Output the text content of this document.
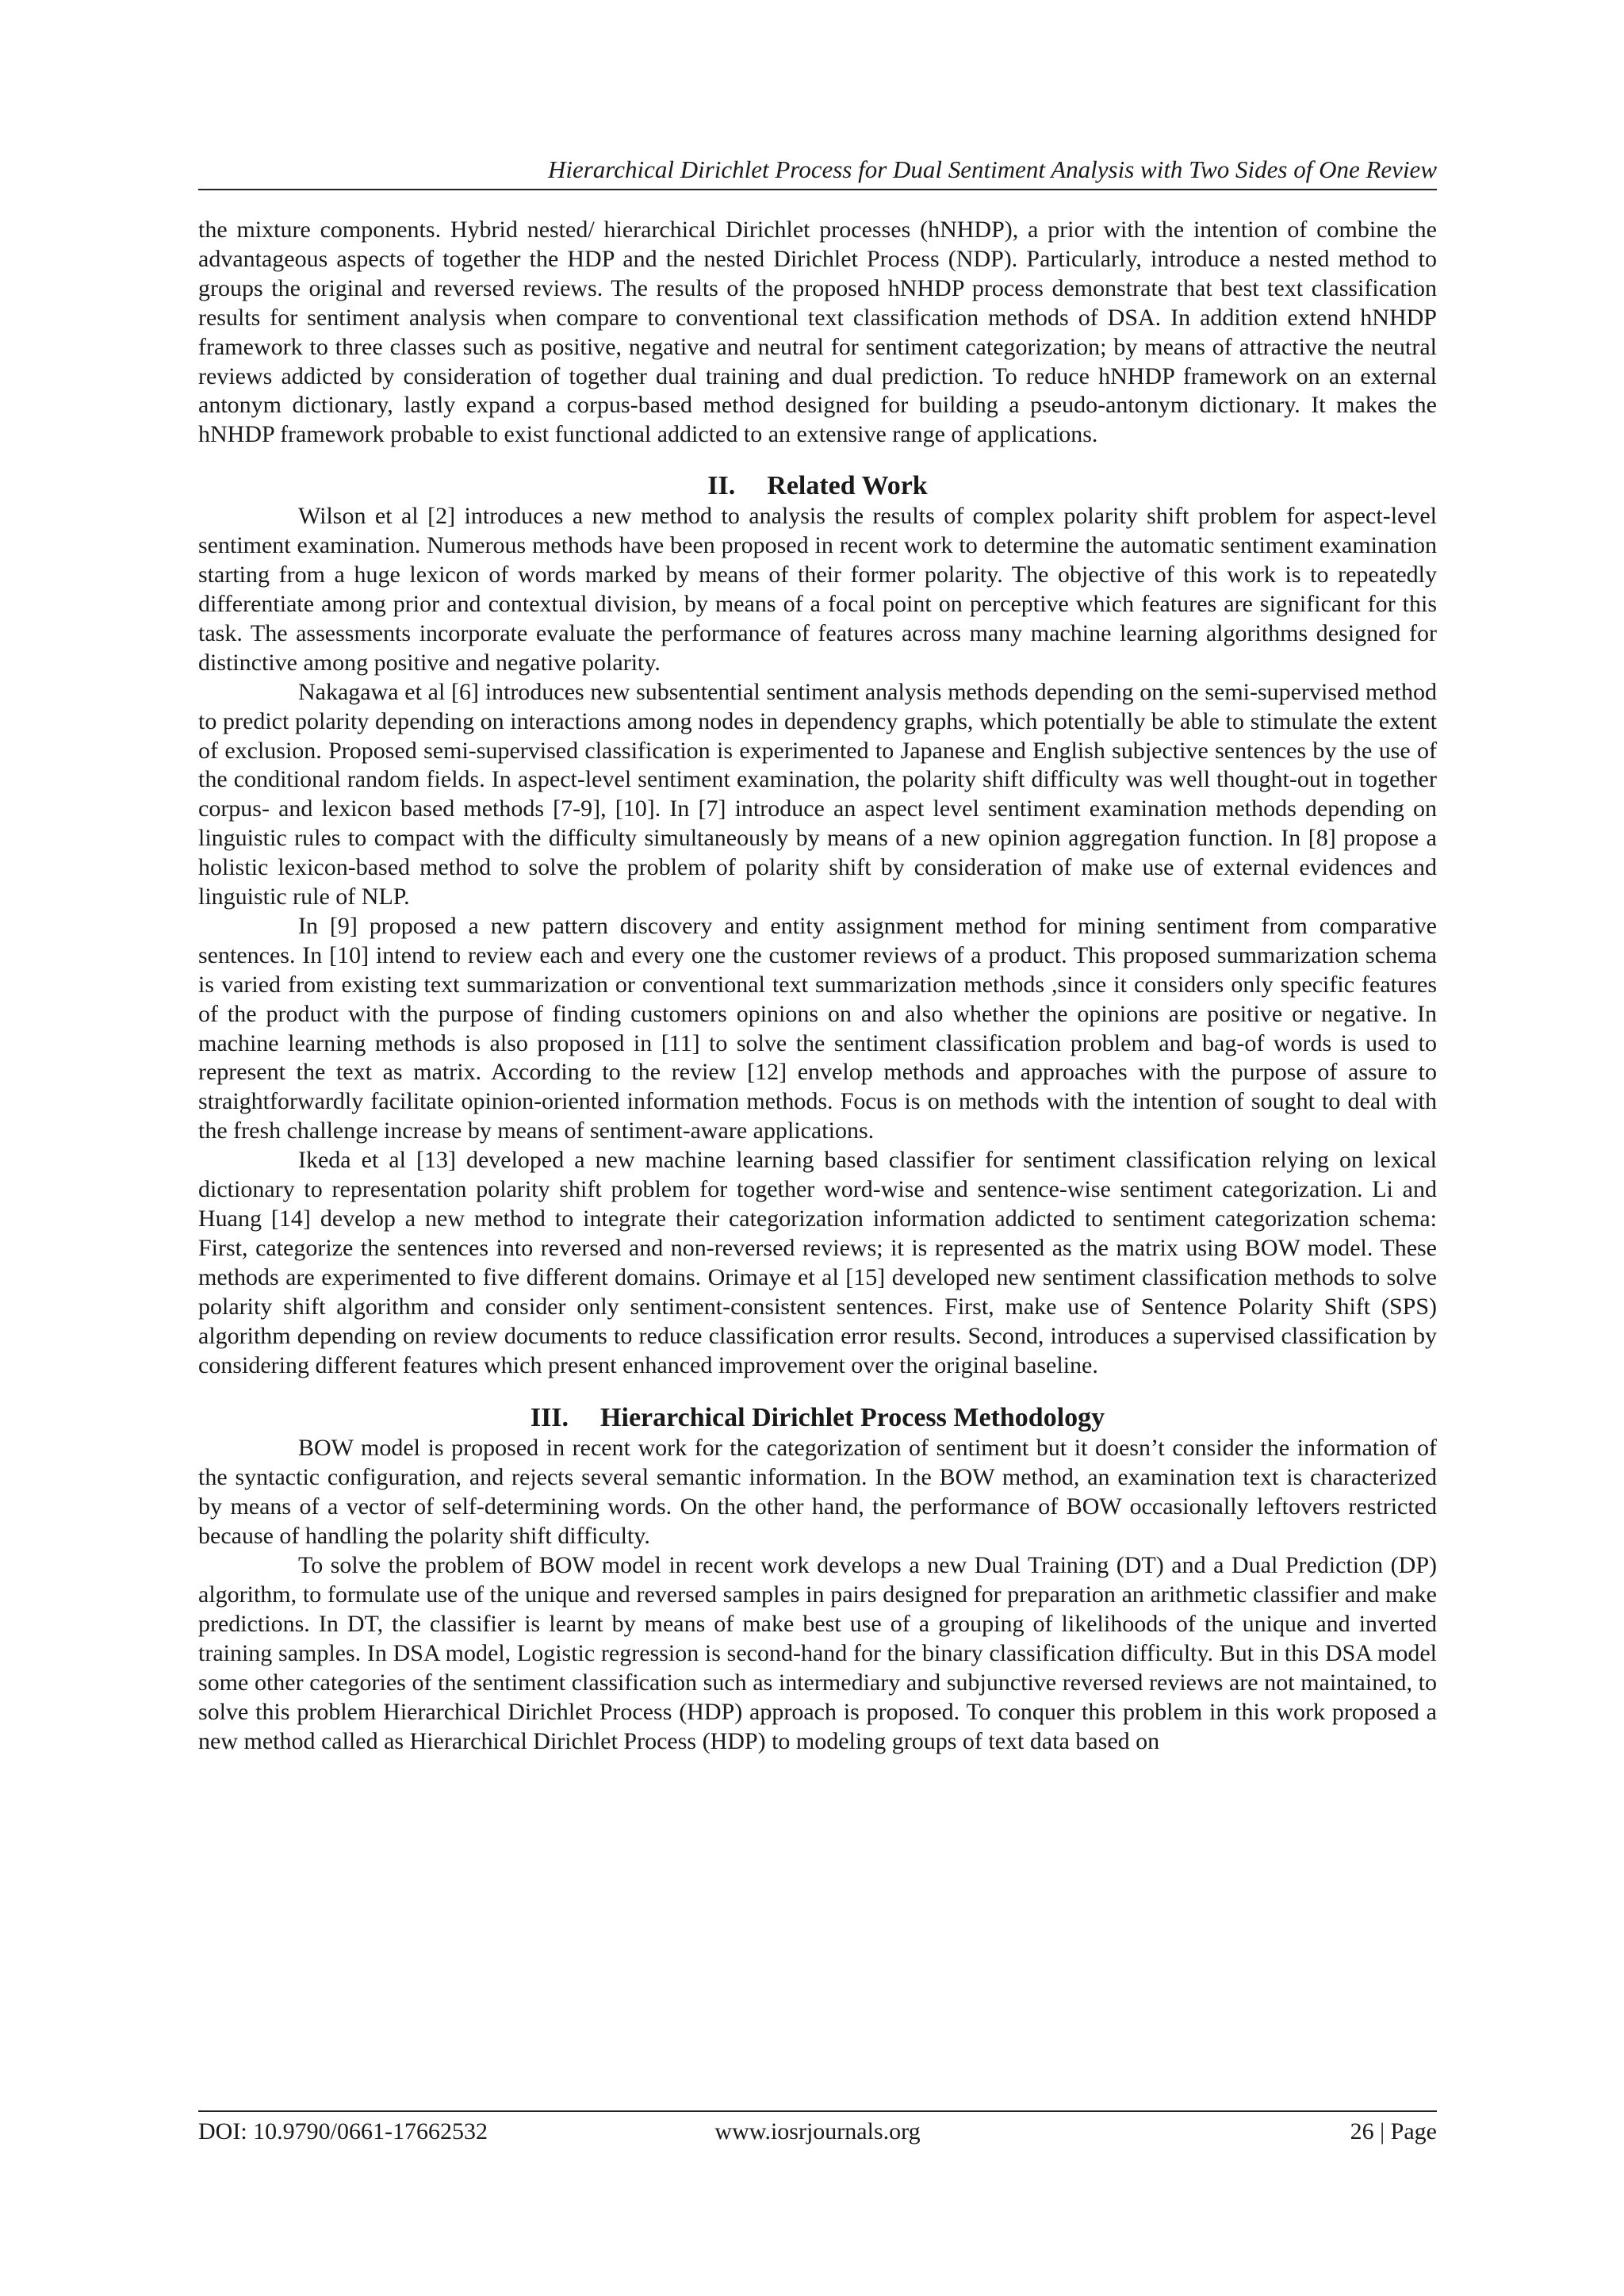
Hierarchical Dirichlet Process for Dual Sentiment Analysis with Two Sides of One Review

the mixture components. Hybrid nested/ hierarchical Dirichlet processes (hNHDP), a prior with the intention of combine the advantageous aspects of together the HDP and the nested Dirichlet Process (NDP). Particularly, introduce a nested method to groups the original and reversed reviews. The results of the proposed hNHDP process demonstrate that best text classification results for sentiment analysis when compare to conventional text classification methods of DSA. In addition extend hNHDP framework to three classes such as positive, negative and neutral for sentiment categorization; by means of attractive the neutral reviews addicted by consideration of together dual training and dual prediction. To reduce hNHDP framework on an external antonym dictionary, lastly expand a corpus-based method designed for building a pseudo-antonym dictionary. It makes the hNHDP framework probable to exist functional addicted to an extensive range of applications.

II. Related Work

Wilson et al [2] introduces a new method to analysis the results of complex polarity shift problem for aspect-level sentiment examination. Numerous methods have been proposed in recent work to determine the automatic sentiment examination starting from a huge lexicon of words marked by means of their former polarity. The objective of this work is to repeatedly differentiate among prior and contextual division, by means of a focal point on perceptive which features are significant for this task. The assessments incorporate evaluate the performance of features across many machine learning algorithms designed for distinctive among positive and negative polarity.

Nakagawa et al [6] introduces new subsentential sentiment analysis methods depending on the semi-supervised method to predict polarity depending on interactions among nodes in dependency graphs, which potentially be able to stimulate the extent of exclusion. Proposed semi-supervised classification is experimented to Japanese and English subjective sentences by the use of the conditional random fields. In aspect-level sentiment examination, the polarity shift difficulty was well thought-out in together corpus- and lexicon based methods [7-9], [10]. In [7] introduce an aspect level sentiment examination methods depending on linguistic rules to compact with the difficulty simultaneously by means of a new opinion aggregation function. In [8] propose a holistic lexicon-based method to solve the problem of polarity shift by consideration of make use of external evidences and linguistic rule of NLP.

In [9] proposed a new pattern discovery and entity assignment method for mining sentiment from comparative sentences. In [10] intend to review each and every one the customer reviews of a product. This proposed summarization schema is varied from existing text summarization or conventional text summarization methods ,since it considers only specific features of the product with the purpose of finding customers opinions on and also whether the opinions are positive or negative. In machine learning methods is also proposed in [11] to solve the sentiment classification problem and bag-of words is used to represent the text as matrix. According to the review [12] envelop methods and approaches with the purpose of assure to straightforwardly facilitate opinion-oriented information methods. Focus is on methods with the intention of sought to deal with the fresh challenge increase by means of sentiment-aware applications.

Ikeda et al [13] developed a new machine learning based classifier for sentiment classification relying on lexical dictionary to representation polarity shift problem for together word-wise and sentence-wise sentiment categorization. Li and Huang [14] develop a new method to integrate their categorization information addicted to sentiment categorization schema: First, categorize the sentences into reversed and non-reversed reviews; it is represented as the matrix using BOW model. These methods are experimented to five different domains. Orimaye et al [15] developed new sentiment classification methods to solve polarity shift algorithm and consider only sentiment-consistent sentences. First, make use of Sentence Polarity Shift (SPS) algorithm depending on review documents to reduce classification error results. Second, introduces a supervised classification by considering different features which present enhanced improvement over the original baseline.

III. Hierarchical Dirichlet Process Methodology

BOW model is proposed in recent work for the categorization of sentiment but it doesn’t consider the information of the syntactic configuration, and rejects several semantic information. In the BOW method, an examination text is characterized by means of a vector of self-determining words. On the other hand, the performance of BOW occasionally leftovers restricted because of handling the polarity shift difficulty.

To solve the problem of BOW model in recent work develops a new Dual Training (DT) and a Dual Prediction (DP) algorithm, to formulate use of the unique and reversed samples in pairs designed for preparation an arithmetic classifier and make predictions. In DT, the classifier is learnt by means of make best use of a grouping of likelihoods of the unique and inverted training samples. In DSA model, Logistic regression is second-hand for the binary classification difficulty. But in this DSA model some other categories of the sentiment classification such as intermediary and subjunctive reversed reviews are not maintained, to solve this problem Hierarchical Dirichlet Process (HDP) approach is proposed. To conquer this problem in this work proposed a new method called as Hierarchical Dirichlet Process (HDP) to modeling groups of text data based on

DOI: 10.9790/0661-17662532	www.iosrjournals.org	26 | Page
